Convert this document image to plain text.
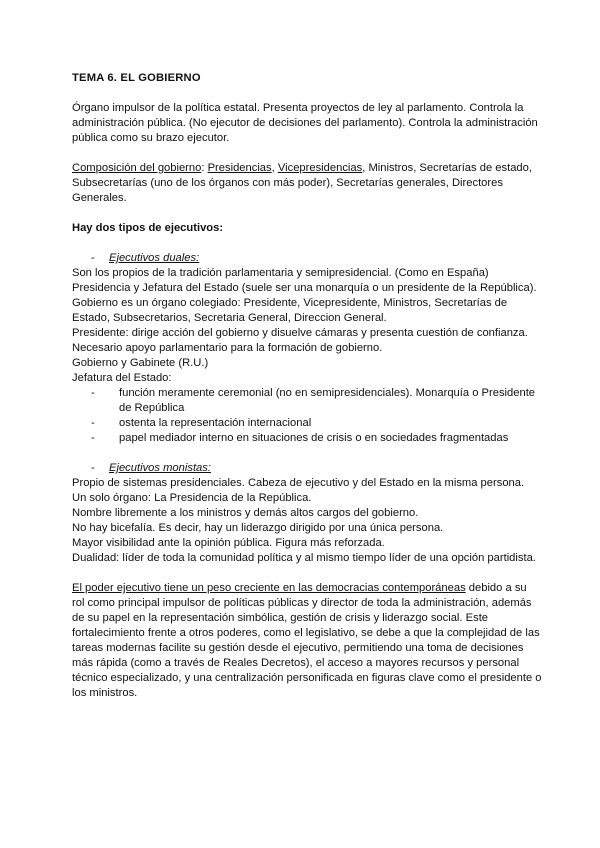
TEMA 6. EL GOBIERNO

Órgano impulsor de la política estatal. Presenta proyectos de ley al parlamento. Controla la administración pública. (No ejecutor de decisiones del parlamento). Controla la administración pública como su brazo ejecutor.

Composición del gobierno: Presidencias, Vicepresidencias, Ministros, Secretarías de estado, Subsecretarías (uno de los órganos con más poder), Secretarías generales, Directores Generales.

Hay dos tipos de ejecutivos:

- Ejecutivos duales:

Son los propios de la tradición parlamentaria y semipresidencial. (Como en España)

Presidencia y Jefatura del Estado (suele ser una monarquía o un presidente de la República).

Gobierno es un órgano colegiado: Presidente, Vicepresidente, Ministros, Secretarías de Estado, Subsecretarios, Secretaria General, Direccion General.

Presidente: dirige acción del gobierno y disuelve cámaras y presenta cuestión de confianza.

Necesario apoyo parlamentario para la formación de gobierno.

Gobierno y Gabinete (R.U.)

Jefatura del Estado:

- función meramente ceremonial (no en semipresidenciales). Monarquía o Presidente de República
- ostenta la representación internacional
- papel mediador interno en situaciones de crisis o en sociedades fragmentadas
- Ejecutivos monistas:

Propio de sistemas presidenciales. Cabeza de ejecutivo y del Estado en la misma persona.

Un solo órgano: La Presidencia de la República.

Nombre libremente a los ministros y demás altos cargos del gobierno.

No hay bicefalía. Es decir, hay un liderazgo dirigido por una única persona.

Mayor visibilidad ante la opinión pública. Figura más reforzada.

Dualidad: líder de toda la comunidad política y al mismo tiempo líder de una opción partidista.

El poder ejecutivo tiene un peso creciente en las democracias contemporáneas debido a su rol como principal impulsor de políticas públicas y director de toda la administración, además de su papel en la representación simbólica, gestión de crisis y liderazgo social. Este fortalecimiento frente a otros poderes, como el legislativo, se debe a que la complejidad de las tareas modernas facilite su gestión desde el ejecutivo, permitiendo una toma de decisiones más rápida (como a través de Reales Decretos), el acceso a mayores recursos y personal técnico especializado, y una centralización personificada en figuras clave como el presidente o los ministros.
